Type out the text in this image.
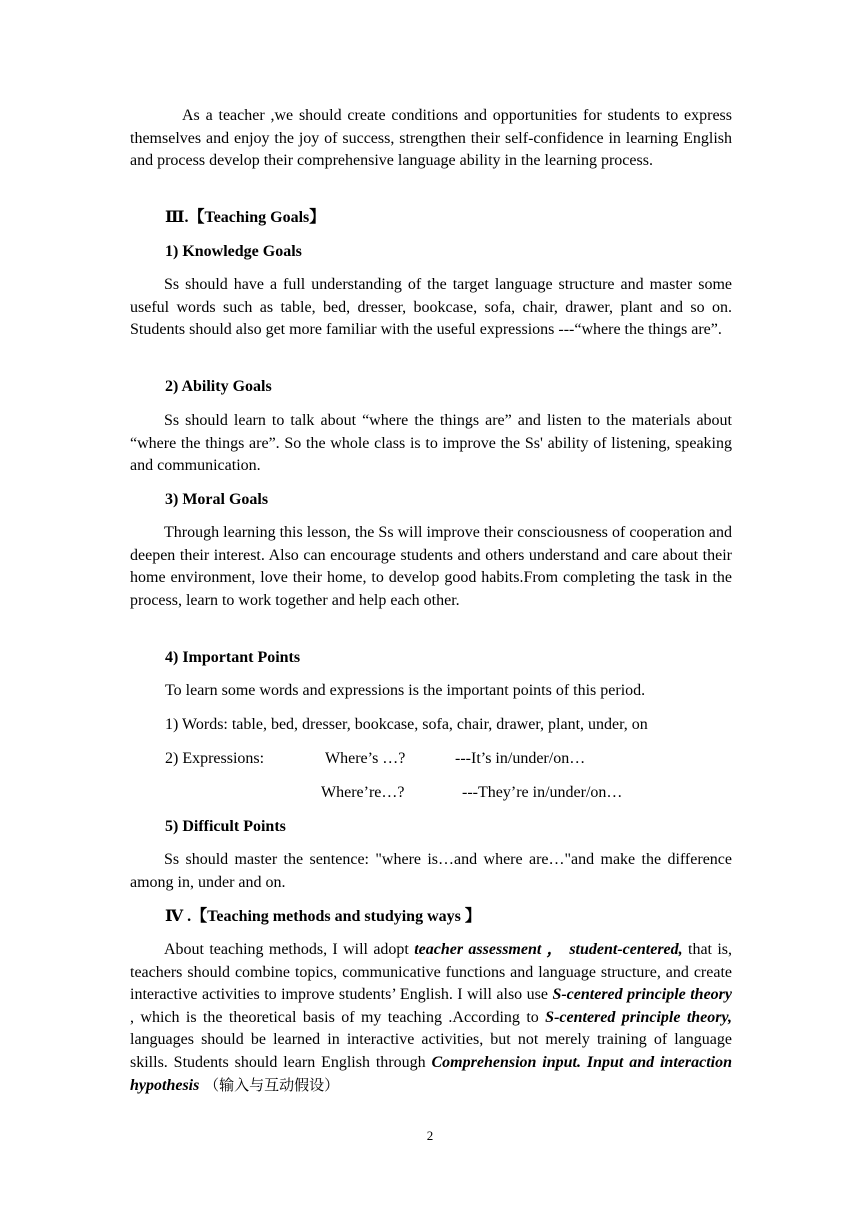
As a teacher ,we should create conditions and opportunities for students to express themselves and enjoy the joy of success, strengthen their self-confidence in learning English and process develop their comprehensive language ability in the learning process.

Ⅲ.【Teaching Goals】
1) Knowledge Goals

Ss should have a full understanding of the target language structure and master some useful words such as table, bed, dresser, bookcase, sofa, chair, drawer, plant and so on. Students should also get more familiar with the useful expressions ---“where the things are”.

2) Ability Goals

Ss should learn to talk about “where the things are” and listen to the materials about “where the things are”. So the whole class is to improve the Ss' ability of listening, speaking and communication.

3) Moral Goals

Through learning this lesson, the Ss will improve their consciousness of cooperation and deepen their interest. Also can encourage students and others understand and care about their home environment, love their home, to develop good habits.From completing the task in the process, learn to work together and help each other.

4) Important Points
To learn some words and expressions is the important points of this period.
1) Words: table, bed, dresser, bookcase, sofa, chair, drawer, plant, under, on
2) Expressions:	Where’s …?	---It’s in/under/on…
Where’re…?	---They’re in/under/on…
5) Difficult Points

Ss should master the sentence: "where is…and where are…"and make the difference among in, under and on.

Ⅳ .【Teaching methods and studying ways 】

About teaching methods, I will adopt teacher assessment ， student-centered, that is, teachers should combine topics, communicative functions and language structure, and create interactive activities to improve students’ English. I will also use S-centered principle theory , which is the theoretical basis of my teaching .According to S-centered principle theory, languages should be learned in interactive activities, but not merely training of language skills. Students should learn English through Comprehension input. Input and interaction hypothesis （输入与互动假设）

2
